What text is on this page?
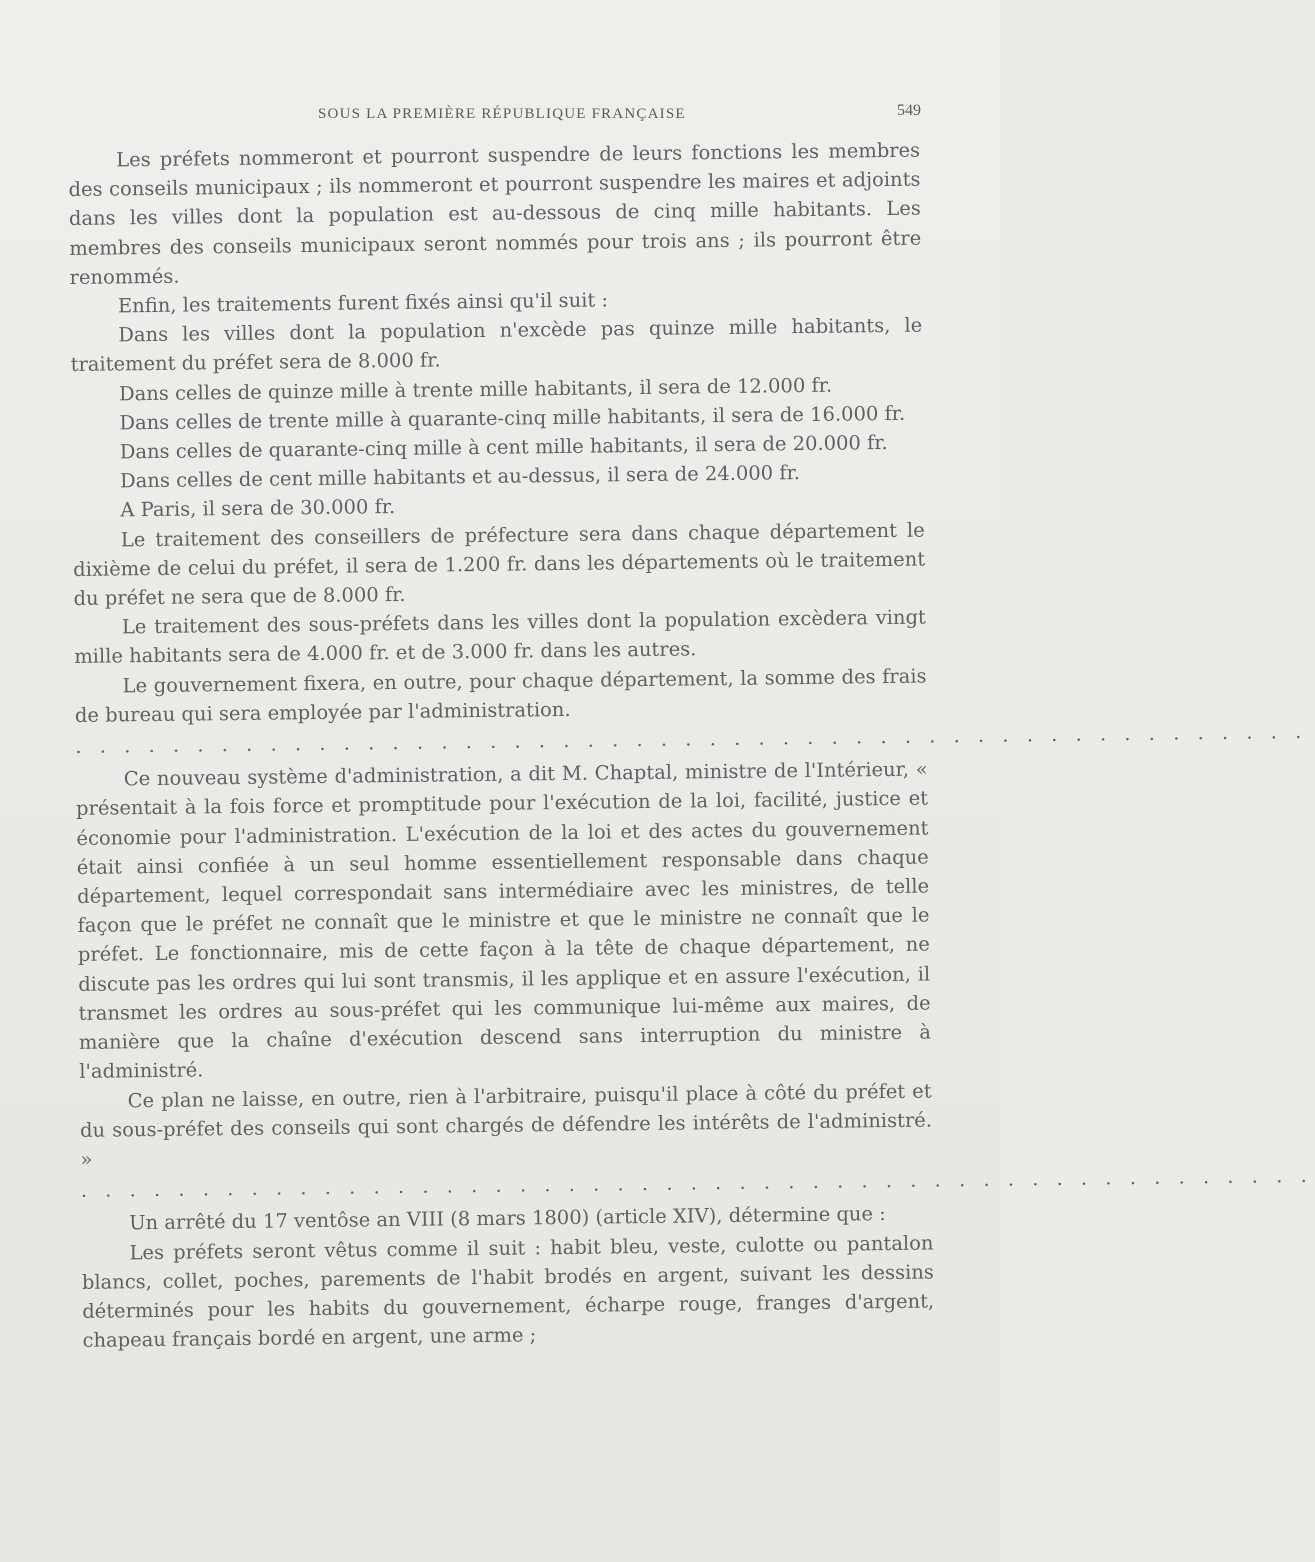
SOUS LA PREMIÈRE RÉPUBLIQUE FRANÇAISE	549

Les préfets nommeront et pourront suspendre de leurs fonctions les membres des conseils municipaux ; ils nommeront et pourront suspendre les maires et adjoints dans les villes dont la population est au-dessous de cinq mille habitants. Les membres des conseils municipaux seront nommés pour trois ans ; ils pourront être renommés.

Enfin, les traitements furent fixés ainsi qu'il suit :

Dans les villes dont la population n'excède pas quinze mille habitants, le traitement du préfet sera de 8.000 fr.

Dans celles de quinze mille à trente mille habitants, il sera de 12.000 fr.

Dans celles de trente mille à quarante-cinq mille habitants, il sera de 16.000 fr.

Dans celles de quarante-cinq mille à cent mille habitants, il sera de 20.000 fr.

Dans celles de cent mille habitants et au-dessus, il sera de 24.000 fr.

A Paris, il sera de 30.000 fr.

Le traitement des conseillers de préfecture sera dans chaque département le dixième de celui du préfet, il sera de 1.200 fr. dans les départements où le traitement du préfet ne sera que de 8.000 fr.

Le traitement des sous-préfets dans les villes dont la population excèdera vingt mille habitants sera de 4.000 fr. et de 3.000 fr. dans les autres.

Le gouvernement fixera, en outre, pour chaque département, la somme des frais de bureau qui sera employée par l'administration.

. . . . . . . . . . . . . . . . . . . . . . . . . . . . . . . . . . . . . . . . . . . . . . . . . . .

Ce nouveau système d'administration, a dit M. Chaptal, ministre de l'Intérieur, « présentait à la fois force et promptitude pour l'exécution de la loi, facilité, justice et économie pour l'administration. L'exécution de la loi et des actes du gouvernement était ainsi confiée à un seul homme essentiellement responsable dans chaque département, lequel correspondait sans intermédiaire avec les ministres, de telle façon que le préfet ne connaît que le ministre et que le ministre ne connaît que le préfet. Le fonctionnaire, mis de cette façon à la tête de chaque département, ne discute pas les ordres qui lui sont transmis, il les applique et en assure l'exécution, il transmet les ordres au sous-préfet qui les communique lui-même aux maires, de manière que la chaîne d'exécution descend sans interruption du ministre à l'administré.

Ce plan ne laisse, en outre, rien à l'arbitraire, puisqu'il place à côté du préfet et du sous-préfet des conseils qui sont chargés de défendre les intérêts de l'administré. »

. . . . . . . . . . . . . . . . . . . . . . . . . . . . . . . . . . . . . . . . . . . . . . . . . . .

Un arrêté du 17 ventôse an VIII (8 mars 1800) (article XIV), détermine que :

Les préfets seront vêtus comme il suit : habit bleu, veste, culotte ou pantalon blancs, collet, poches, parements de l'habit brodés en argent, suivant les dessins déterminés pour les habits du gouvernement, écharpe rouge, franges d'argent, chapeau français bordé en argent, une arme ;
